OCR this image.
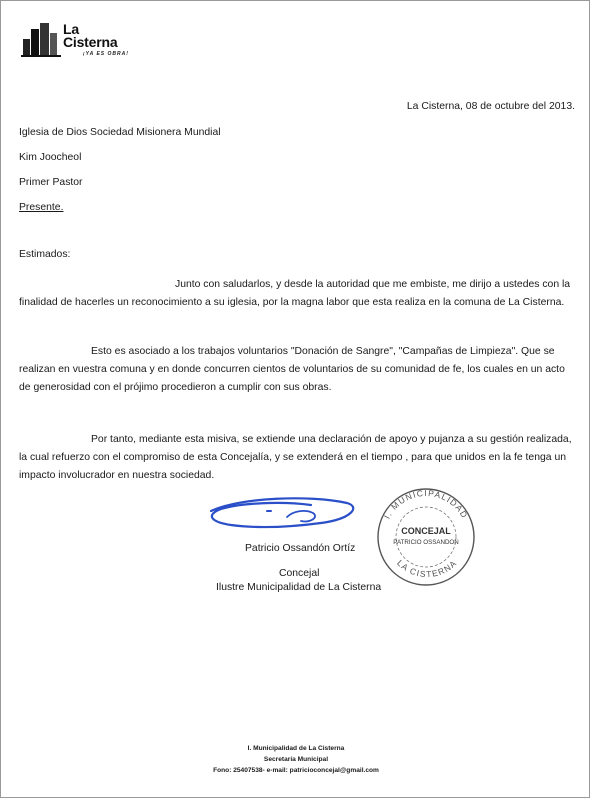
La
Cisterna
¡YA ES OBRA!
La Cisterna, 08 de octubre del 2013.
Iglesia de Dios Sociedad Misionera Mundial
Kim Joocheol
Primer Pastor
Presente.
Estimados:
Junto con saludarlos, y desde la autoridad que me embiste, me dirijo a ustedes con la
finalidad de hacerles un reconocimiento a su iglesia, por la magna labor que esta realiza en la comuna de La Cisterna.
Esto es asociado a los trabajos voluntarios "Donación de Sangre", "Campañas de Limpieza". Que se
realizan en vuestra comuna y en donde concurren cientos de voluntarios de su comunidad de fe, los cuales en un acto
de generosidad con el prójimo procedieron a cumplir con sus obras.
Por tanto, mediante esta misiva, se extiende una declaración de apoyo y pujanza a su gestión realizada,
la cual refuerzo con el compromiso de esta Concejalía, y se extenderá en el tiempo , para que unidos en la fe tenga un
impacto involucrador en nuestra sociedad.
Patricio Ossandón Ortíz
Concejal
Ilustre Municipalidad de La Cisterna
I. MUNICIPALIDAD
LA CISTERNA
CONCEJAL
PATRICIO OSSANDON
I. Municipalidad de La Cisterna
Secretaría Municipal
Fono: 25407538- e-mail: patricioconcejal@gmail.com
